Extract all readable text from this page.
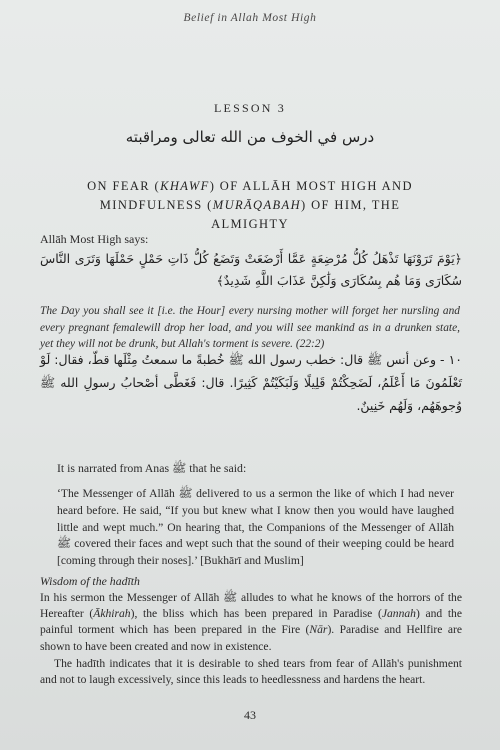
Belief in Allah Most High
LESSON 3
درس في الخوف من الله تعالى ومراقبته
ON FEAR (KHAWF) OF ALLĀH MOST HIGH AND MINDFULNESS (MURĀQABAH) OF HIM, THE ALMIGHTY
Allāh Most High says:
﴿يَوْمَ تَرَوْنَهَا تَذْهَلُ كُلُّ مُرْضِعَةٍ عَمَّا أَرْضَعَتْ وَتَضَعُ كُلُّ ذَاتِ حَمْلٍ حَمْلَهَا وَتَرَى النَّاسَ سُكَارَى وَمَا هُم بِسُكَارَى وَلَٰكِنَّ عَذَابَ اللَّهِ شَدِيدٌ﴾
The Day you shall see it [i.e. the Hour] every nursing mother will forget her nursling and every pregnant femalewill drop her load, and you will see mankind as in a drunken state, yet they will not be drunk, but Allah's torment is severe. (22:2)
١٠ - وعن أنس ﷺ قال: خطب رسول الله ﷺ خُطبةً ما سمعتُ مِثْلَها قطّ، فقال: لَوْ تَعْلَمُونَ مَا أَعْلَمُ، لَضَحِكْتُمْ قَلِيلًا وَلَبَكَيْتُمْ كَثِيرًا. قال: فَغَطَّى أصْحابُ رسولِ الله ﷺ وُجوهَهُم، وَلَهُم خَنِينٌ.
It is narrated from Anas ﷺ that he said:
‘The Messenger of Allāh ﷺ delivered to us a sermon the like of which I had never heard before. He said, “If you but knew what I know then you would have laughed little and wept much.” On hearing that, the Companions of the Messenger of Allāh ﷺ covered their faces and wept such that the sound of their weeping could be heard [coming through their noses].’ [Bukhārī and Muslim]
Wisdom of the hadīth

In his sermon the Messenger of Allāh ﷺ alludes to what he knows of the horrors of the Hereafter (Ākhirah), the bliss which has been prepared in Paradise (Jannah) and the painful torment which has been prepared in the Fire (Nār). Paradise and Hellfire are shown to have been created and now in existence.

The hadīth indicates that it is desirable to shed tears from fear of Allāh's punishment and not to laugh excessively, since this leads to heedlessness and hardens the heart.

43
